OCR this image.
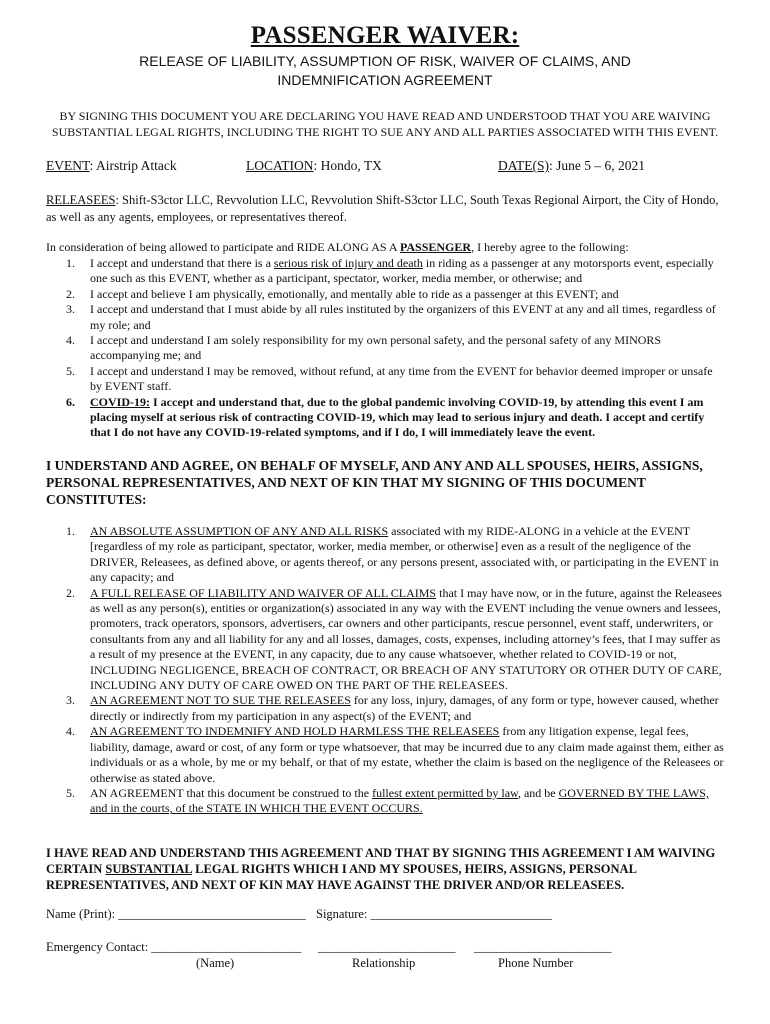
PASSENGER WAIVER:
RELEASE OF LIABILITY, ASSUMPTION OF RISK, WAIVER OF CLAIMS, AND
INDEMNIFICATION AGREEMENT
BY SIGNING THIS DOCUMENT YOU ARE DECLARING YOU HAVE READ AND UNDERSTOOD THAT YOU ARE WAIVING SUBSTANTIAL LEGAL RIGHTS, INCLUDING THE RIGHT TO SUE ANY AND ALL PARTIES ASSOCIATED WITH THIS EVENT.
EVENT: Airstrip Attack	LOCATION: Hondo, TX	DATE(S): June 5 – 6, 2021
RELEASEES: Shift-S3ctor LLC, Revvolution LLC, Revvolution Shift-S3ctor LLC, South Texas Regional Airport, the City of Hondo, as well as any agents, employees, or representatives thereof.
In consideration of being allowed to participate and RIDE ALONG AS A PASSENGER, I hereby agree to the following:
1. I accept and understand that there is a serious risk of injury and death in riding as a passenger at any motorsports event, especially one such as this EVENT, whether as a participant, spectator, worker, media member, or otherwise; and
2. I accept and believe I am physically, emotionally, and mentally able to ride as a passenger at this EVENT; and
3. I accept and understand that I must abide by all rules instituted by the organizers of this EVENT at any and all times, regardless of my role; and
4. I accept and understand I am solely responsibility for my own personal safety, and the personal safety of any MINORS accompanying me; and
5. I accept and understand I may be removed, without refund, at any time from the EVENT for behavior deemed improper or unsafe by EVENT staff.
6. COVID-19: I accept and understand that, due to the global pandemic involving COVID-19, by attending this event I am placing myself at serious risk of contracting COVID-19, which may lead to serious injury and death. I accept and certify that I do not have any COVID-19-related symptoms, and if I do, I will immediately leave the event.
I UNDERSTAND AND AGREE, ON BEHALF OF MYSELF, AND ANY AND ALL SPOUSES, HEIRS, ASSIGNS, PERSONAL REPRESENTATIVES, AND NEXT OF KIN THAT MY SIGNING OF THIS DOCUMENT CONSTITUTES:
1. AN ABSOLUTE ASSUMPTION OF ANY AND ALL RISKS associated with my RIDE-ALONG in a vehicle at the EVENT [regardless of my role as participant, spectator, worker, media member, or otherwise] even as a result of the negligence of the DRIVER, Releasees, as defined above, or agents thereof, or any persons present, associated with, or participating in the EVENT in any capacity; and
2. A FULL RELEASE OF LIABILITY AND WAIVER OF ALL CLAIMS that I may have now, or in the future, against the Releasees as well as any person(s), entities or organization(s) associated in any way with the EVENT including the venue owners and lessees, promoters, track operators, sponsors, advertisers, car owners and other participants, rescue personnel, event staff, underwriters, or consultants from any and all liability for any and all losses, damages, costs, expenses, including attorney’s fees, that I may suffer as a result of my presence at the EVENT, in any capacity, due to any cause whatsoever, whether related to COVID-19 or not, INCLUDING NEGLIGENCE, BREACH OF CONTRACT, OR BREACH OF ANY STATUTORY OR OTHER DUTY OF CARE, INCLUDING ANY DUTY OF CARE OWED ON THE PART OF THE RELEASEES.
3. AN AGREEMENT NOT TO SUE THE RELEASEES for any loss, injury, damages, of any form or type, however caused, whether directly or indirectly from my participation in any aspect(s) of the EVENT; and
4. AN AGREEMENT TO INDEMNIFY AND HOLD HARMLESS THE RELEASEES from any litigation expense, legal fees, liability, damage, award or cost, of any form or type whatsoever, that may be incurred due to any claim made against them, either as individuals or as a whole, by me or my behalf, or that of my estate, whether the claim is based on the negligence of the Releasees or otherwise as stated above.
5. AN AGREEMENT that this document be construed to the fullest extent permitted by law, and be GOVERNED BY THE LAWS, and in the courts, of the STATE IN WHICH THE EVENT OCCURS.
I HAVE READ AND UNDERSTAND THIS AGREEMENT AND THAT BY SIGNING THIS AGREEMENT I AM WAIVING CERTAIN SUBSTANTIAL LEGAL RIGHTS WHICH I AND MY SPOUSES, HEIRS, ASSIGNS, PERSONAL REPRESENTATIVES, AND NEXT OF KIN MAY HAVE AGAINST THE DRIVER AND/OR RELEASEES.
Name (Print): ______________________________ Signature: _____________________________
Emergency Contact: ________________________ ______________________ ______________________
(Name)	Relationship	Phone Number
